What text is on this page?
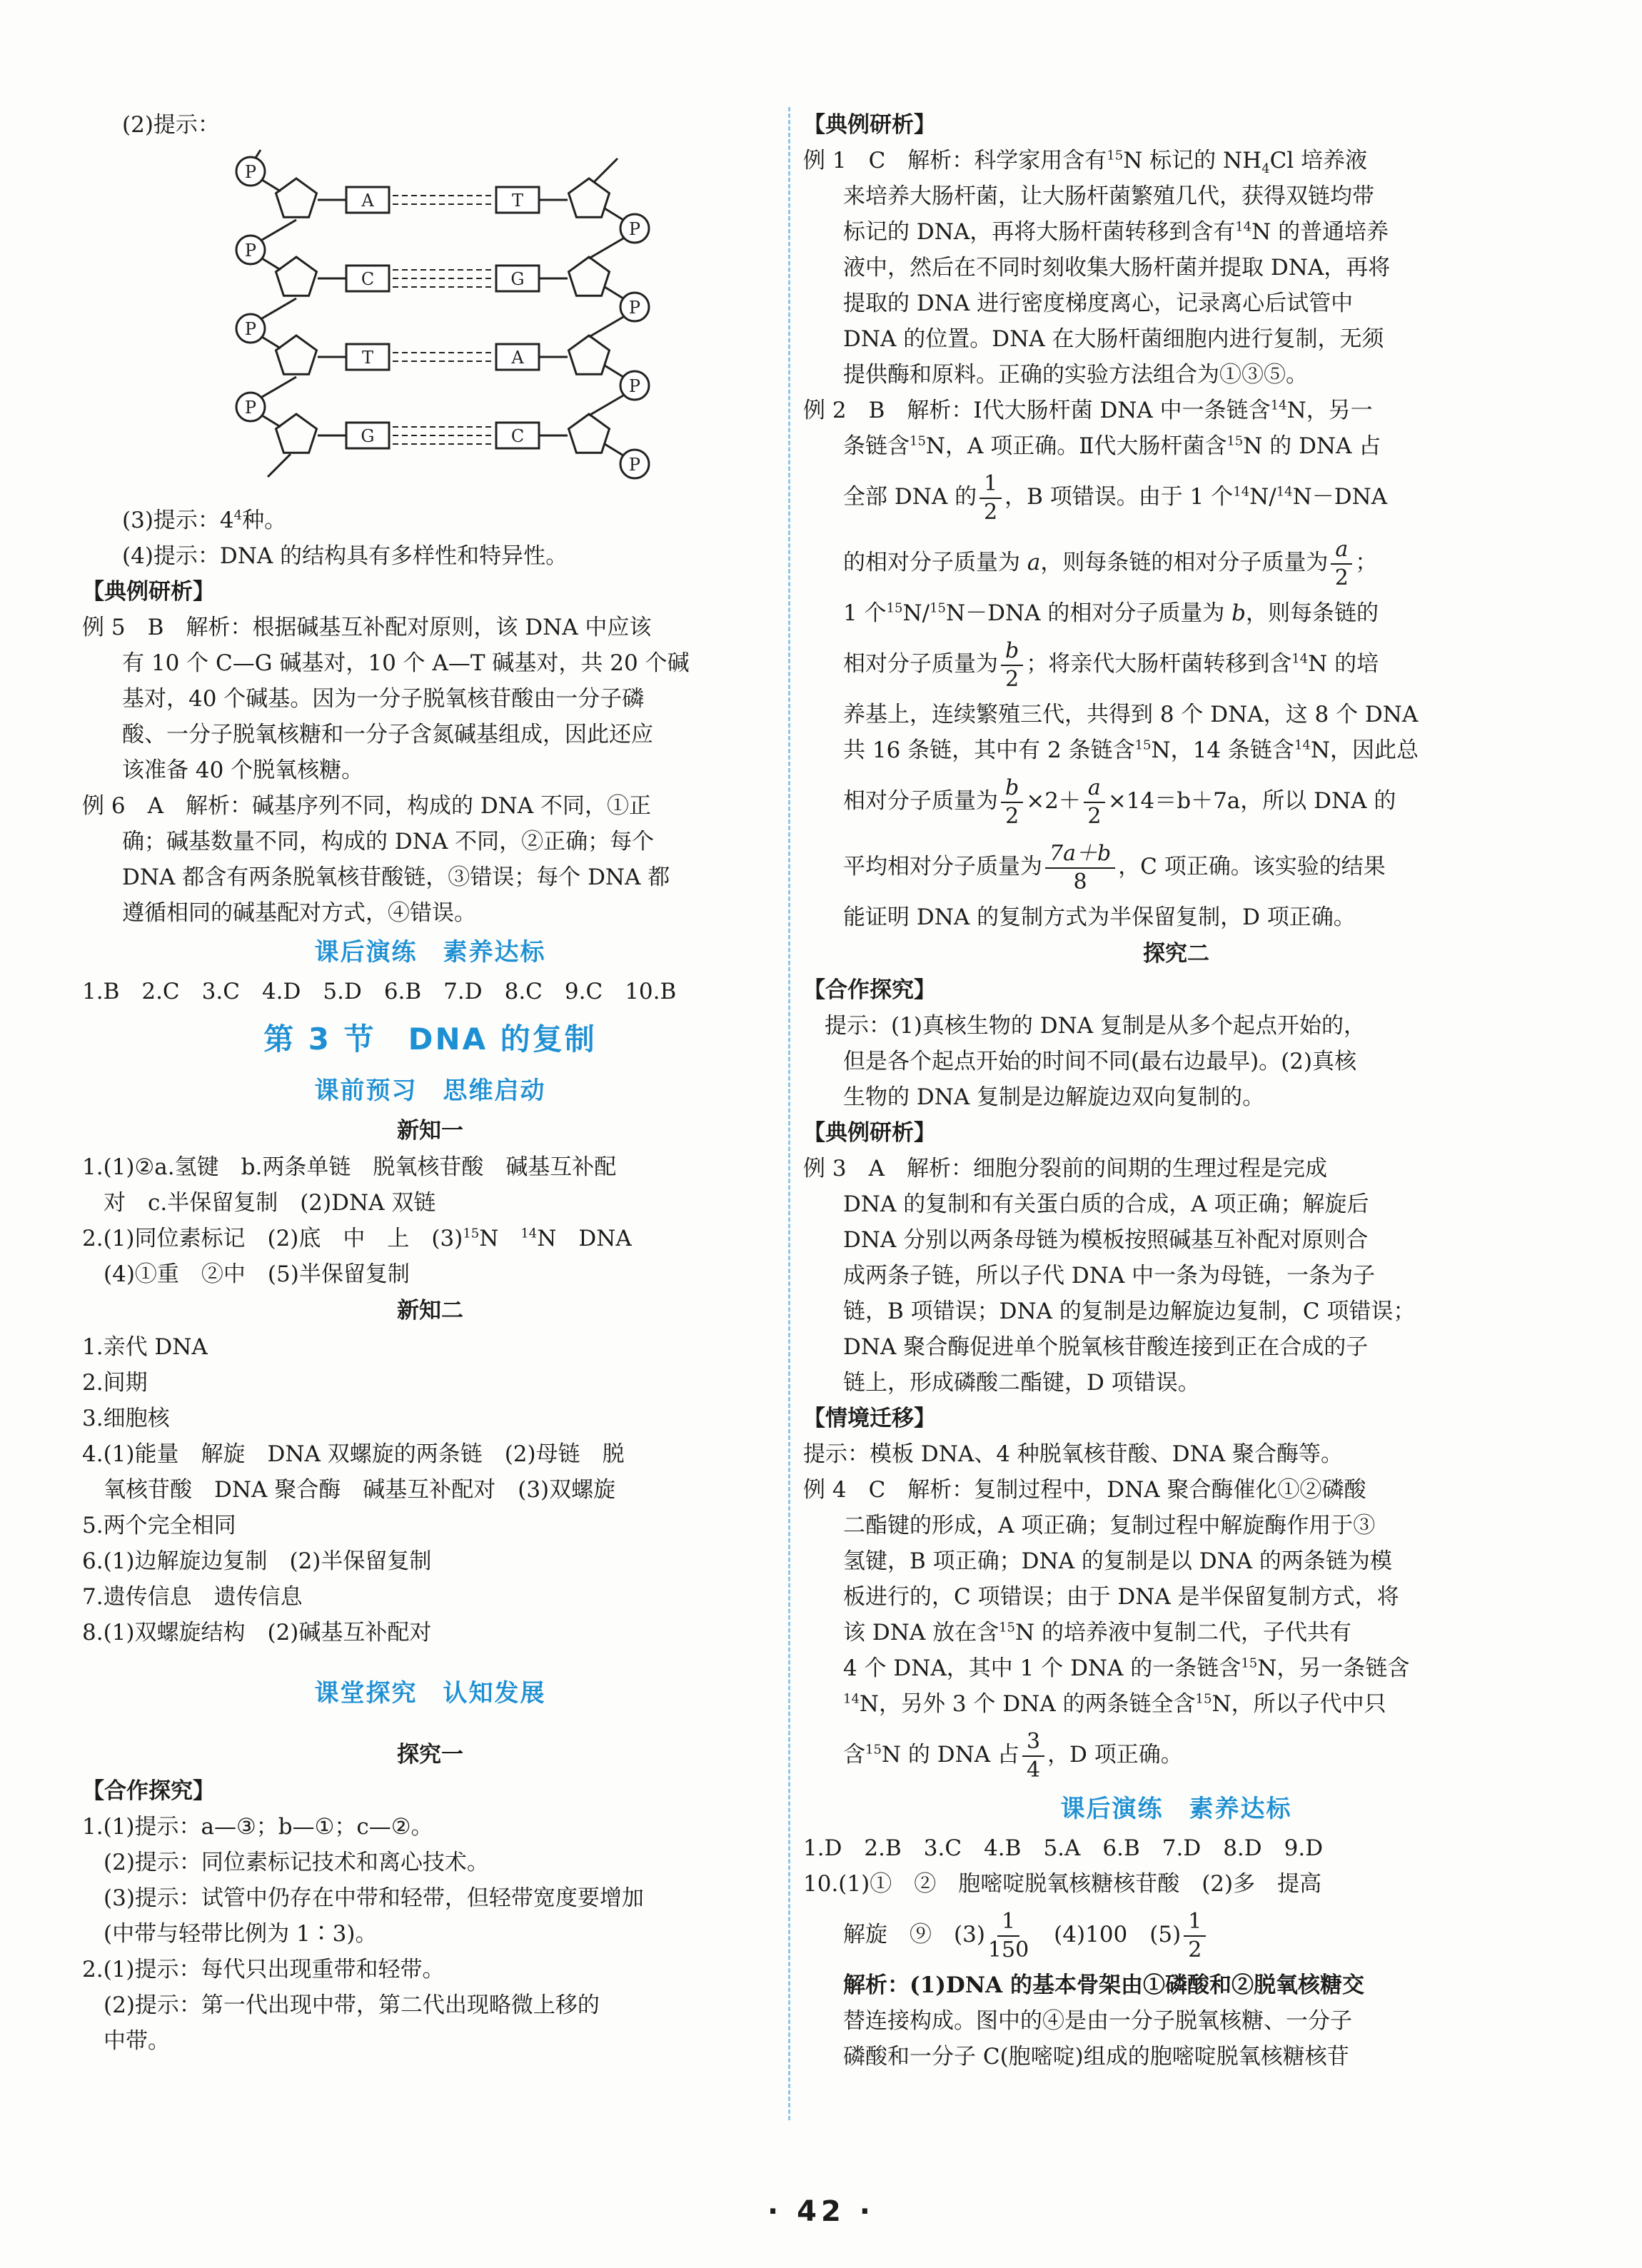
(2)提示：
P
A	T
P
P
C	G
P
P
T	A
P
P
G	C
P
(3)提示：$4^4$种。
(4)提示：DNA 的结构具有多样性和特异性。
【典例研析】
例 5　B　解析：根据碱基互补配对原则，该 DNA 中应该
有 10 个 C—G 碱基对，10 个 A—T 碱基对，共 20 个碱
基对，40 个碱基。因为一分子脱氧核苷酸由一分子磷
酸、一分子脱氧核糖和一分子含氮碱基组成，因此还应
该准备 40 个脱氧核糖。
例 6　A　解析：碱基序列不同，构成的 DNA 不同，①正
确；碱基数量不同，构成的 DNA 不同，②正确；每个
DNA 都含有两条脱氧核苷酸链，③错误；每个 DNA 都
遵循相同的碱基配对方式，④错误。
课后演练　素养达标
1.B　2.C　3.C　4.D　5.D　6.B　7.D　8.C　9.C　10.B
第 3 节　DNA 的复制
课前预习　思维启动
新知一
1.(1)②a.氢键　b.两条单链　脱氧核苷酸　碱基互补配
对　c.半保留复制　(2)DNA 双链
2.(1)同位素标记　(2)底　中　上　$(3)^{15}N$　$^{14}$N　DNA
(4)①重　②中　(5)半保留复制
新知二
1.亲代 DNA
2.间期
3.细胞核
4.(1)能量　解旋　DNA 双螺旋的两条链　(2)母链　脱
氧核苷酸　DNA 聚合酶　碱基互补配对　(3)双螺旋
5.两个完全相同
6.(1)边解旋边复制　(2)半保留复制
7.遗传信息　遗传信息
8.(1)双螺旋结构　(2)碱基互补配对
课堂探究　认知发展
探究一
【合作探究】
1.(1)提示：a—③；b—①；c—②。
(2)提示：同位素标记技术和离心技术。
(3)提示：试管中仍存在中带和轻带，但轻带宽度要增加
(中带与轻带比例为 1∶3)。
2.(1)提示：每代只出现重带和轻带。
(2)提示：第一代出现中带，第二代出现略微上移的
中带。
【典例研析】
例 1　C　解析：科学家用含有$^{15}$N 标记的 $NH_4Cl$ 培养液
来培养大肠杆菌，让大肠杆菌繁殖几代，获得双链均带
标记的 DNA，再将大肠杆菌转移到含有$^{14}$N 的普通培养
液中，然后在不同时刻收集大肠杆菌并提取 DNA，再将
提取的 DNA 进行密度梯度离心，记录离心后试管中
DNA 的位置。DNA 在大肠杆菌细胞内进行复制，无须
提供酶和原料。正确的实验方法组合为①③⑤。
例 2　B　解析：Ⅰ代大肠杆菌 DNA 中一条链含$^{14}$N，另一
条链含$^{15}$N，A 项正确。Ⅱ代大肠杆菌含$^{15}$N 的 DNA 占
全部 DNA 的 $\frac{1}{2}$ ，B 项错误。由于 1 个$^{14}$N/$^{14}$N－DNA
的相对分子质量为 a，则每条链的相对分子质量为 $\frac{a}{2}$ ；
1 个$^{15}$N/$^{15}$N－DNA 的相对分子质量为 b，则每条链的
相对分子质量为 $\frac{b}{2}$ ；将亲代大肠杆菌转移到含$^{14}$N 的培
养基上，连续繁殖三代，共得到 8 个 DNA，这 8 个 DNA
共 16 条链，其中有 2 条链含$^{15}$N，14 条链含$^{14}$N，因此总
相对分子质量为 $\frac{b}{2} \times 2+ \frac{a}{2} \times 14=b+7a$，所以 DNA 的
平均相对分子质量为 $\frac{7a+b}{8}$ ，C 项正确。该实验的结果
能证明 DNA 的复制方式为半保留复制，D 项正确。
探究二
【合作探究】
提示：(1)真核生物的 DNA 复制是从多个起点开始的，
但是各个起点开始的时间不同(最右边最早)。(2)真核
生物的 DNA 复制是边解旋边双向复制的。
【典例研析】
例 3　A　解析：细胞分裂前的间期的生理过程是完成
DNA 的复制和有关蛋白质的合成，A 项正确；解旋后
DNA 分别以两条母链为模板按照碱基互补配对原则合
成两条子链，所以子代 DNA 中一条为母链，一条为子
链，B 项错误；DNA 的复制是边解旋边复制，C 项错误；
DNA 聚合酶促进单个脱氧核苷酸连接到正在合成的子
链上，形成磷酸二酯键，D 项错误。
【情境迁移】
提示：模板 DNA、4 种脱氧核苷酸、DNA 聚合酶等。
例 4　C　解析：复制过程中，DNA 聚合酶催化①②磷酸
二酯键的形成，A 项正确；复制过程中解旋酶作用于③
氢键，B 项正确；DNA 的复制是以 DNA 的两条链为模
板进行的，C 项错误；由于 DNA 是半保留复制方式，将
该 DNA 放在含$^{15}$N 的培养液中复制二代，子代共有
4 个 DNA，其中 1 个 DNA 的一条链含$^{15}$N，另一条链含
$^{14}$N，另外 3 个 DNA 的两条链全含$^{15}$N，所以子代中只
含$^{15}$N 的 DNA 占 $\frac{3}{4}$ ，D 项正确。
课后演练　素养达标
1.D　2.B　3.C　4.B　5.A　6.B　7.D　8.D　9.D
10.(1)①　②　胞嘧啶脱氧核糖核苷酸　(2)多　提高
解旋　⑨　$(3) \frac{1}{150}$ 　(4)100　$(5) \frac{1}{2}$
解析：(1)DNA 的基本骨架由①磷酸和②脱氧核糖交
替连接构成。图中的④是由一分子脱氧核糖、一分子
磷酸和一分子 C(胞嘧啶)组成的胞嘧啶脱氧核糖核苷
· 42 ·
